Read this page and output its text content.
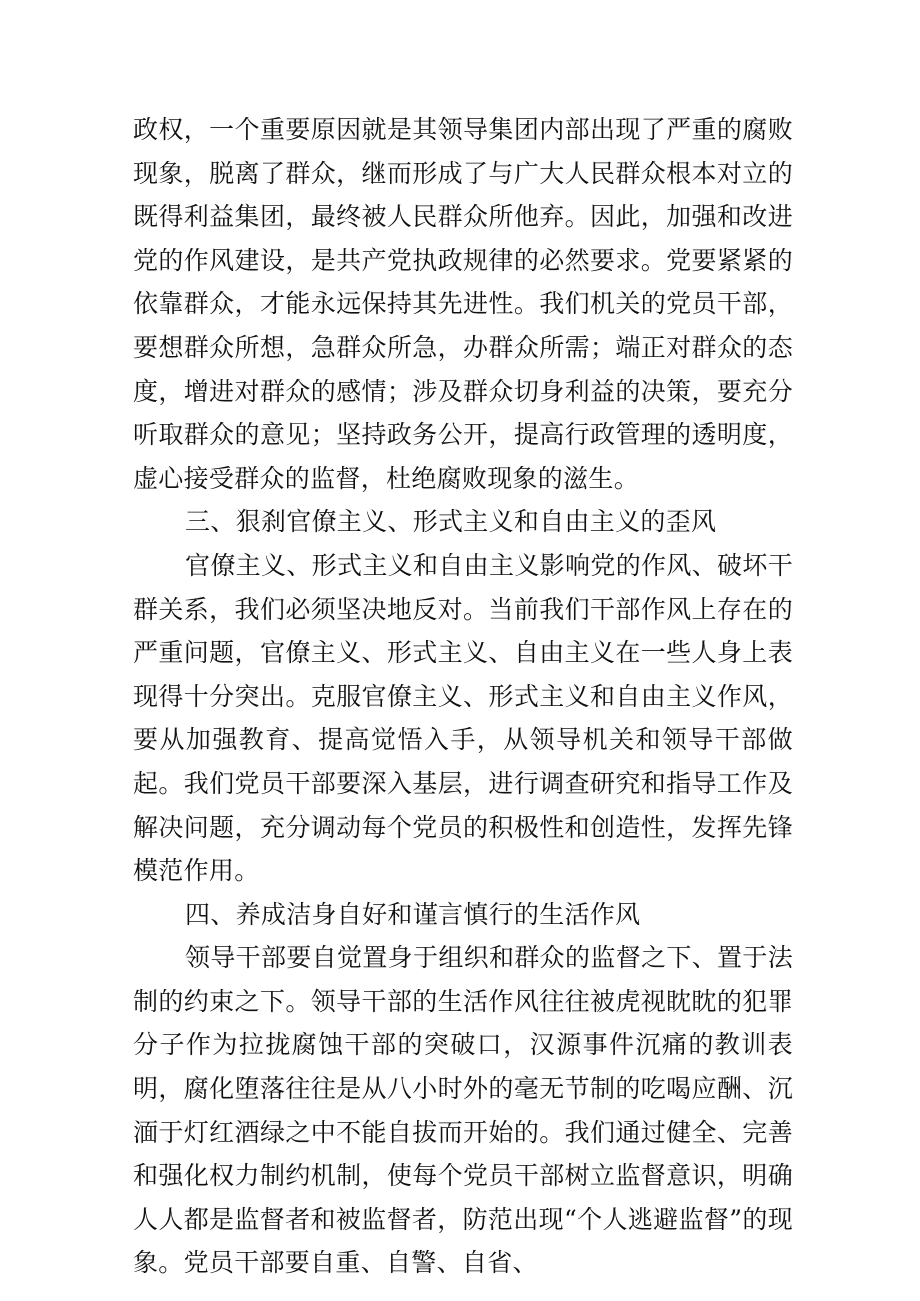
政权，一个重要原因就是其领导集团内部出现了严重的腐败现象，脱离了群众，继而形成了与广大人民群众根本对立的既得利益集团，最终被人民群众所他弃。因此，加强和改进党的作风建设，是共产党执政规律的必然要求。党要紧紧的依靠群众，才能永远保持其先进性。我们机关的党员干部，要想群众所想，急群众所急，办群众所需；端正对群众的态度，增进对群众的感情；涉及群众切身利益的决策，要充分听取群众的意见；坚持政务公开，提高行政管理的透明度，虚心接受群众的监督，杜绝腐败现象的滋生。

三、狠刹官僚主义、形式主义和自由主义的歪风

官僚主义、形式主义和自由主义影响党的作风、破坏干群关系，我们必须坚决地反对。当前我们干部作风上存在的严重问题，官僚主义、形式主义、自由主义在一些人身上表现得十分突出。克服官僚主义、形式主义和自由主义作风，要从加强教育、提高觉悟入手，从领导机关和领导干部做起。我们党员干部要深入基层，进行调查研究和指导工作及解决问题，充分调动每个党员的积极性和创造性，发挥先锋模范作用。

四、养成洁身自好和谨言慎行的生活作风

领导干部要自觉置身于组织和群众的监督之下、置于法制的约束之下。领导干部的生活作风往往被虎视眈眈的犯罪分子作为拉拢腐蚀干部的突破口，汉源事件沉痛的教训表明，腐化堕落往往是从八小时外的毫无节制的吃喝应酬、沉湎于灯红酒绿之中不能自拔而开始的。我们通过健全、完善和强化权力制约机制，使每个党员干部树立监督意识，明确人人都是监督者和被监督者，防范出现“个人逃避监督”的现象。党员干部要自重、自警、自省、
